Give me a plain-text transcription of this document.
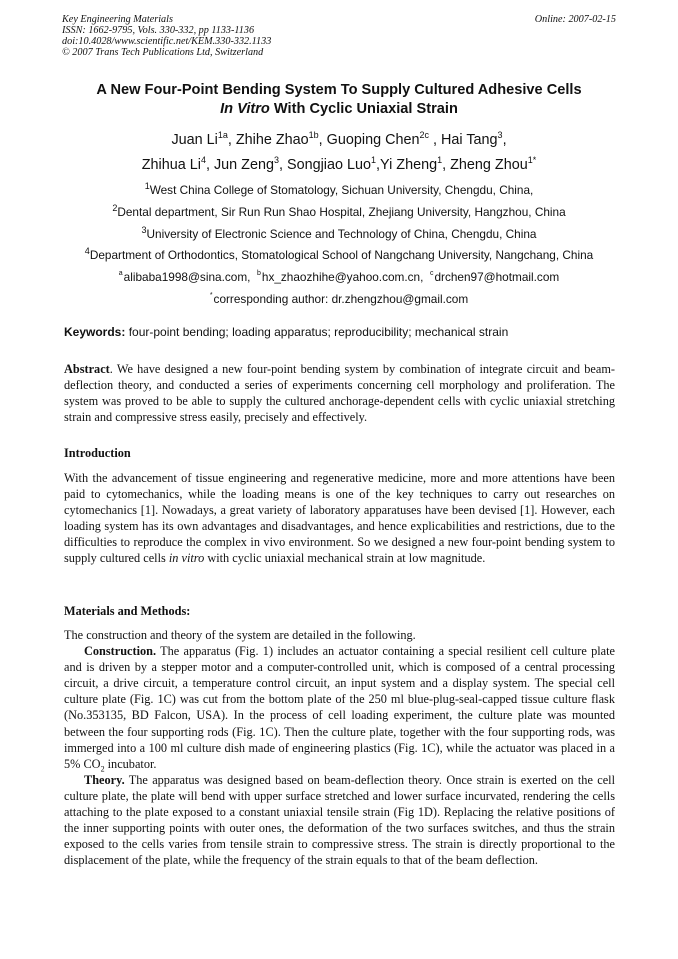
Key Engineering Materials
ISSN: 1662-9795, Vols. 330-332, pp 1133-1136
doi:10.4028/www.scientific.net/KEM.330-332.1133
© 2007 Trans Tech Publications Ltd, Switzerland
Online: 2007-02-15
A New Four-Point Bending System To Supply Cultured Adhesive Cells
In Vitro With Cyclic Uniaxial Strain
Juan $Li^{1a}$, Zhihe Zhao$^{1b}$, Guoping Chen$^{2c}$ , Hai Tang$^3$,
Zhihua Li$^4$, Jun Zeng$^3$, Songjiao Luo$^1$,Yi Zheng$^1$, Zheng Zhou$^{1*}$
$^1$West China College of Stomatology, Sichuan University, Chengdu, China,
$^2$Dental department, Sir Run Run Shao Hospital, Zhejiang University, Hangzhou, China
$^3$University of Electronic Science and Technology of China, Chengdu, China
$^4$Department of Orthodontics, Stomatological School of Nangchang University, Nangchang, China
$^a$alibaba1998@sina.com, $^b$hx_zhaozhihe@yahoo.com.cn, $^c$drchen97@hotmail.com
*corresponding author: dr.zhengzhou@gmail.com
Keywords: four-point bending; loading apparatus; reproducibility; mechanical strain

Abstract. We have designed a new four-point bending system by combination of integrate circuit and beam-deflection theory, and conducted a series of experiments concerning cell morphology and proliferation. The system was proved to be able to supply the cultured anchorage-dependent cells with cyclic uniaxial stretching strain and compressive stress easily, precisely and effectively.

Introduction

With the advancement of tissue engineering and regenerative medicine, more and more attentions have been paid to cytomechanics, while the loading means is one of the key techniques to carry out researches on cytomechanics [1]. Nowadays, a great variety of laboratory apparatuses have been devised [1]. However, each loading system has its own advantages and disadvantages, and hence explicabilities and restrictions, due to the difficulties to reproduce the complex in vivo environment. So we designed a new four-point bending system to supply cultured cells in vitro with cyclic uniaxial mechanical strain at low magnitude.

Materials and Methods:

The construction and theory of the system are detailed in the following.

Construction. The apparatus (Fig. 1) includes an actuator containing a special resilient cell culture plate and is driven by a stepper motor and a computer-controlled unit, which is composed of a central processing circuit, a drive circuit, a temperature control circuit, an input system and a display system. The special cell culture plate (Fig. 1C) was cut from the bottom plate of the 250 ml blue-plug-seal-capped tissue culture flask (No.353135, BD Falcon, USA). In the process of cell loading experiment, the culture plate was mounted between the four supporting rods (Fig. 1C). Then the culture plate, together with the four supporting rods, was immerged into a 100 ml culture dish made of engineering plastics (Fig. 1C), while the actuator was placed in a 5% $CO_2$ incubator.

Theory. The apparatus was designed based on beam-deflection theory. Once strain is exerted on the cell culture plate, the plate will bend with upper surface stretched and lower surface incurvated, rendering the cells attaching to the plate exposed to a constant uniaxial tensile strain (Fig 1D). Replacing the relative positions of the inner supporting points with outer ones, the deformation of the two surfaces switches, and thus the strain exposed to the cells varies from tensile strain to compressive stress. The strain is directly proportional to the displacement of the plate, while the frequency of the strain equals to that of the beam deflection.
